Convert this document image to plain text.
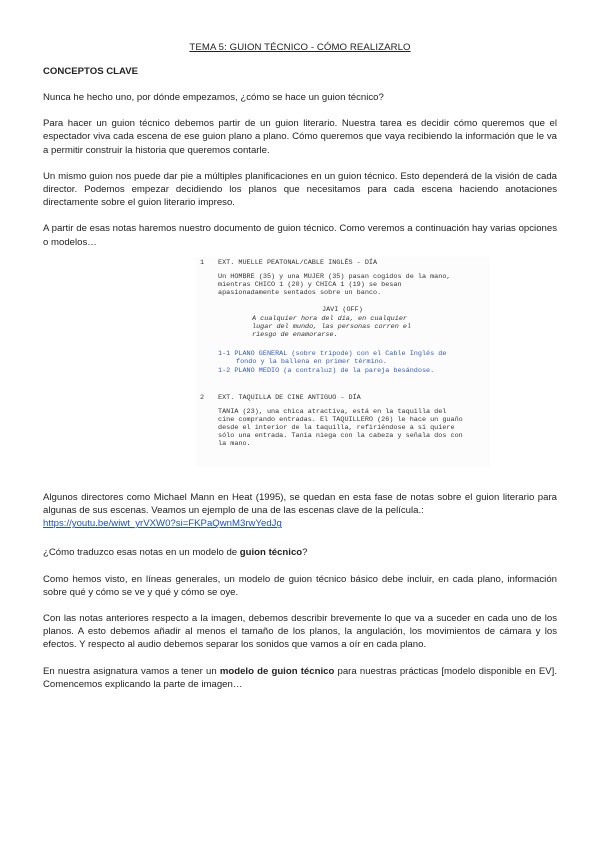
TEMA 5: GUION TÉCNICO - CÓMO REALIZARLO
CONCEPTOS CLAVE

Nunca he hecho uno, por dónde empezamos, ¿cómo se hace un guion técnico?

Para hacer un guion técnico debemos partir de un guion literario. Nuestra tarea es decidir cómo queremos que el espectador viva cada escena de ese guion plano a plano. Cómo queremos que vaya recibiendo la información que le va a permitir construir la historia que queremos contarle.

Un mismo guion nos puede dar pie a múltiples planificaciones en un guion técnico. Esto dependerá de la visión de cada director. Podemos empezar decidiendo los planos que necesitamos para cada escena haciendo anotaciones directamente sobre el guion literario impreso.

A partir de esas notas haremos nuestro documento de guion técnico. Como veremos a continuación hay varias opciones o modelos…

1 EXT. MUELLE PEATONAL/CABLE INGLÉS - DÍA
Un HOMBRE (35) y una MUJER (35) pasan cogidos de la mano,
mientras CHICO 1 (20) y CHICA 1 (19) se besan
apasionadamente sentados sobre un banco.
JAVI (OFF)
A cualquier hora del día, en cualquier
lugar del mundo, las personas corren el
riesgo de enamorarse.
1-1 PLANO GENERAL (sobre trípode) con el Cable Inglés de
fondo y la ballena en primer término.
1-2 PLANO MEDIO (a contraluz) de la pareja besándose.
2 EXT. TAQUILLA DE CINE ANTIGUO - DÍA
TANIA (23), una chica atractiva, está en la taquilla del
cine comprando entradas. El TAQUILLERO (26) le hace un guaño
desde el interior de la taquilla, refiriéndose a si quiere
sólo una entrada. Tania niega con la cabeza y señala dos con
la mano.

Algunos directores como Michael Mann en Heat (1995), se quedan en esta fase de notas sobre el guion literario para algunas de sus escenas. Veamos un ejemplo de una de las escenas clave de la película.:
https://youtu.be/wiwt_yrVXW0?si=FKPaQwnM3rwYedJg

¿Cómo traduzco esas notas en un modelo de guion técnico?

Como hemos visto, en líneas generales, un modelo de guion técnico básico debe incluir, en cada plano, información sobre qué y cómo se ve y qué y cómo se oye.

Con las notas anteriores respecto a la imagen, debemos describir brevemente lo que va a suceder en cada uno de los planos. A esto debemos añadir al menos el tamaño de los planos, la angulación, los movimientos de cámara y los efectos. Y respecto al audio debemos separar los sonidos que vamos a oír en cada plano.

En nuestra asignatura vamos a tener un modelo de guion técnico para nuestras prácticas [modelo disponible en EV]. Comencemos explicando la parte de imagen…
